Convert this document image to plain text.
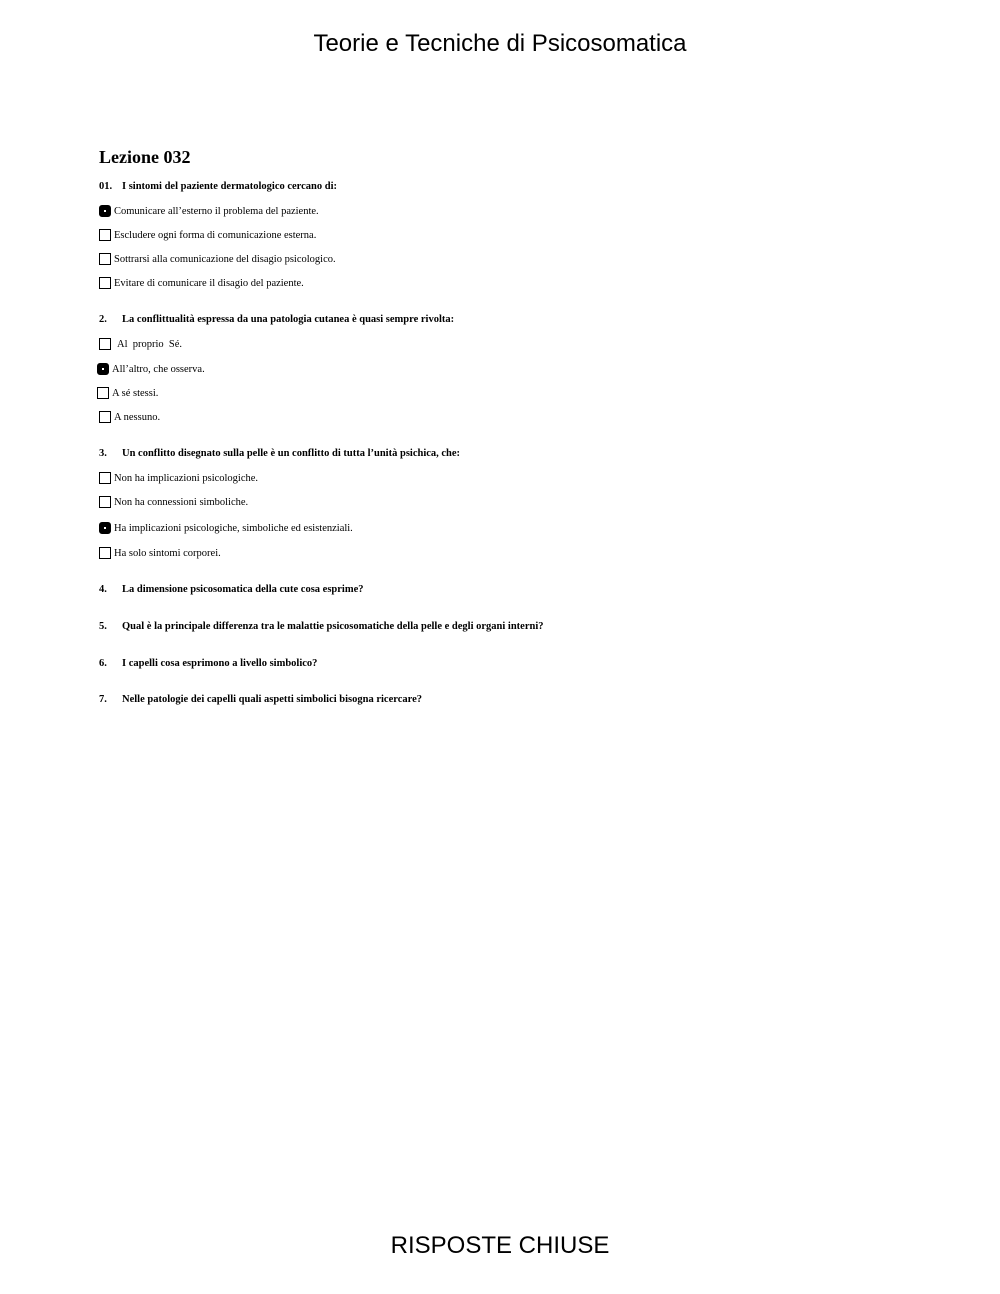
Teorie e Tecniche di Psicosomatica
Lezione 032
01. I sintomi del paziente dermatologico cercano di:
Comunicare all’esterno il problema del paziente.
Escludere ogni forma di comunicazione esterna.
Sottrarsi alla comunicazione del disagio psicologico.
Evitare di comunicare il disagio del paziente.
2. La conflittualità espressa da una patologia cutanea è quasi sempre rivolta:
Al  proprio  Sé.
All’altro, che osserva.
A sé stessi.
A nessuno.
3. Un conflitto disegnato sulla pelle è un conflitto di tutta l’unità psichica, che:
Non ha implicazioni psicologiche.
Non ha connessioni simboliche.
Ha implicazioni psicologiche, simboliche ed esistenziali.
Ha solo sintomi corporei.
4. La dimensione psicosomatica della cute cosa esprime?
5. Qual è la principale differenza tra le malattie psicosomatiche della pelle e degli organi interni?
6. I capelli cosa esprimono a livello simbolico?
7. Nelle patologie dei capelli quali aspetti simbolici bisogna ricercare?
RISPOSTE CHIUSE
